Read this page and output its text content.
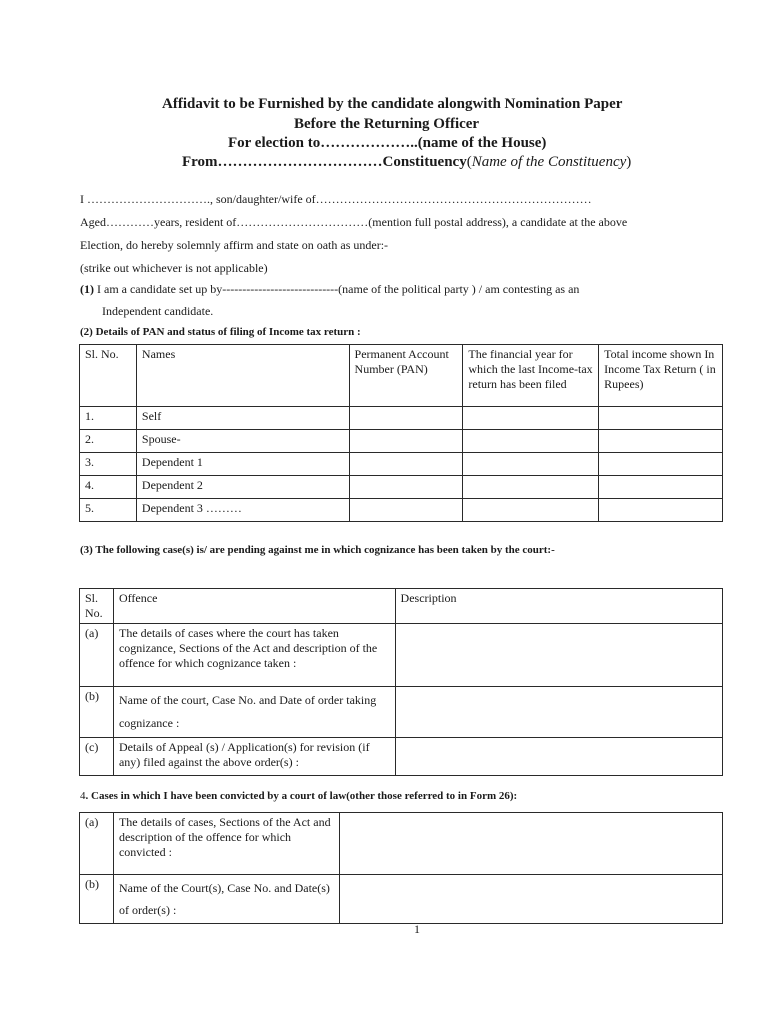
Affidavit to be Furnished by the candidate alongwith Nomination Paper
Before the Returning Officer
For election to………………..(name of the House)
From……………………………Constituency(Name of the Constituency)
I …………………………., son/daughter/wife of……………………………………………………………
Aged…………years, resident of……………………………(mention full postal address), a candidate at the above
Election, do hereby solemnly affirm and state on oath as under:-
(strike out whichever is not applicable)
(1) I am a candidate set up by-----------------------------(name of the political party ) / am contesting as an
Independent candidate.
(2) Details of PAN and status of filing of Income tax return :
Sl. No.	Names	Permanent Account Number (PAN)	The financial year for which the last Income-tax return has been filed	Total income shown In Income Tax Return ( in Rupees)
1.	Self			
2.	Spouse-			
3.	Dependent 1			
4.	Dependent 2			
5.	Dependent 3 ………			
(3) The following case(s) is/ are pending against me in which cognizance has been taken by the court:-
Sl. No.	Offence	Description
(a)	The details of cases where the court has taken cognizance, Sections of the Act and description of the offence for which cognizance taken :	
(b)	Name of the court, Case No. and Date of order taking cognizance :	
(c)	Details of Appeal (s) / Application(s) for revision (if any) filed against the above order(s) :	
4. Cases in which I have been convicted by a court of law(other those referred to in Form 26):
(a)	The details of cases, Sections of the Act and description of the offence for which convicted :	
(b)	Name of the Court(s), Case No. and Date(s) of order(s) :	
1
